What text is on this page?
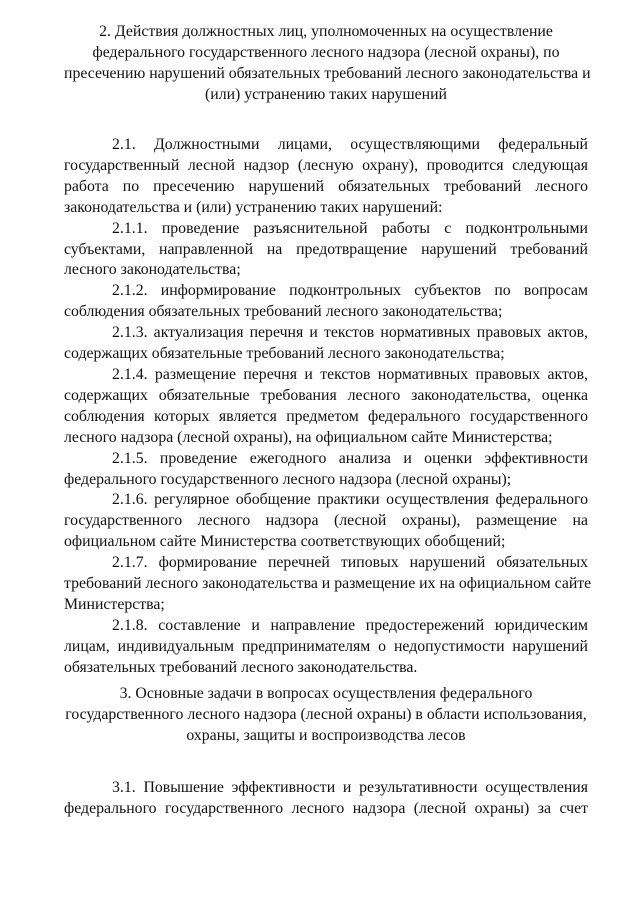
2. Действия должностных лиц, уполномоченных на осуществление
федерального государственного лесного надзора (лесной охраны), по
пресечению нарушений обязательных требований лесного законодательства и
(или) устранению таких нарушений
2.1. Должностными лицами, осуществляющими федеральный
государственный лесной надзор (лесную охрану), проводится следующая
работа по пресечению нарушений обязательных требований лесного
законодательства и (или) устранению таких нарушений:
2.1.1. проведение разъяснительной работы с подконтрольными
субъектами, направленной на предотвращение нарушений требований
лесного законодательства;
2.1.2. информирование подконтрольных субъектов по вопросам
соблюдения обязательных требований лесного законодательства;
2.1.3. актуализация перечня и текстов нормативных правовых актов,
содержащих обязательные требований лесного законодательства;
2.1.4. размещение перечня и текстов нормативных правовых актов,
содержащих обязательные требования лесного законодательства, оценка
соблюдения которых является предметом федерального государственного
лесного надзора (лесной охраны), на официальном сайте Министерства;
2.1.5. проведение ежегодного анализа и оценки эффективности
федерального государственного лесного надзора (лесной охраны);
2.1.6. регулярное обобщение практики осуществления федерального
государственного лесного надзора (лесной охраны), размещение на
официальном сайте Министерства соответствующих обобщений;
2.1.7. формирование перечней типовых нарушений обязательных
требований лесного законодательства и размещение их на официальном сайте
Министерства;
2.1.8. составление и направление предостережений юридическим
лицам, индивидуальным предпринимателям о недопустимости нарушений
обязательных требований лесного законодательства.
3. Основные задачи в вопросах осуществления федерального
государственного лесного надзора (лесной охраны) в области использования,
охраны, защиты и воспроизводства лесов
3.1. Повышение эффективности и результативности осуществления
федерального государственного лесного надзора (лесной охраны) за счет
